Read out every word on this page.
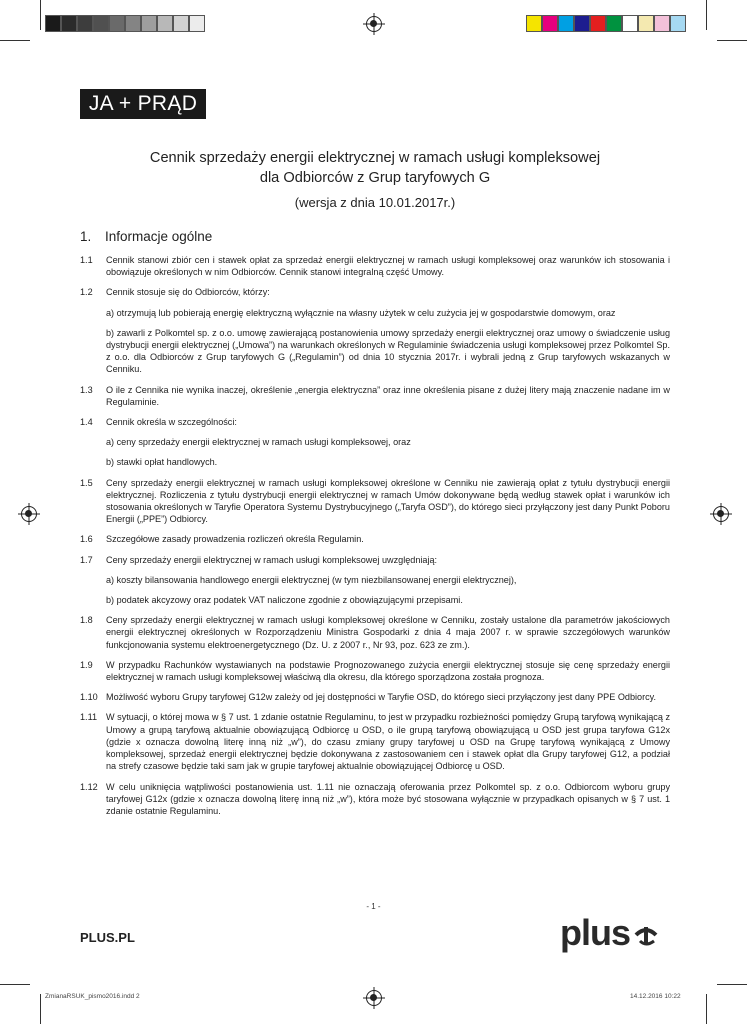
JA + PRĄD
Cennik sprzedaży energii elektrycznej w ramach usługi kompleksowej
dla Odbiorców z Grup taryfowych G
(wersja z dnia 10.01.2017r.)
1. Informacje ogólne
1.1	Cennik stanowi zbiór cen i stawek opłat za sprzedaż energii elektrycznej w ramach usługi kompleksowej oraz warunków ich stosowania i obowiązuje określonych w nim Odbiorców. Cennik stanowi integralną część Umowy.
1.2	Cennik stosuje się do Odbiorców, którzy:
a) otrzymują lub pobierają energię elektryczną wyłącznie na własny użytek w celu zużycia jej w gospodarstwie domowym, oraz
b) zawarli z Polkomtel sp. z o.o. umowę zawierającą postanowienia umowy sprzedaży energii elektrycznej oraz umowy o świadczenie usług dystrybucji energii elektrycznej („Umowa”) na warunkach określonych w Regulaminie świadczenia usługi kompleksowej przez Polkomtel Sp. z o.o. dla Odbiorców z Grup taryfowych G („Regulamin”) od dnia 10 stycznia 2017r. i wybrali jedną z Grup taryfowych wskazanych w Cenniku.
1.3	O ile z Cennika nie wynika inaczej, określenie „energia elektryczna” oraz inne określenia pisane z dużej litery mają znaczenie nadane im w Regulaminie.
1.4	Cennik określa w szczególności:
a) ceny sprzedaży energii elektrycznej w ramach usługi kompleksowej, oraz
b) stawki opłat handlowych.
1.5	Ceny sprzedaży energii elektrycznej w ramach usługi kompleksowej określone w Cenniku nie zawierają opłat z tytułu dystrybucji energii elektrycznej. Rozliczenia z tytułu dystrybucji energii elektrycznej w ramach Umów dokonywane będą według stawek opłat i warunków ich stosowania określonych w Taryfie Operatora Systemu Dystrybucyjnego („Taryfa OSD”), do którego sieci przyłączony jest dany Punkt Poboru Energii („PPE”) Odbiorcy.
1.6	Szczegółowe zasady prowadzenia rozliczeń określa Regulamin.
1.7	Ceny sprzedaży energii elektrycznej w ramach usługi kompleksowej uwzględniają:
a) koszty bilansowania handlowego energii elektrycznej (w tym niezbilansowanej energii elektrycznej),
b) podatek akcyzowy oraz podatek VAT naliczone zgodnie z obowiązującymi przepisami.
1.8	Ceny sprzedaży energii elektrycznej w ramach usługi kompleksowej określone w Cenniku, zostały ustalone dla parametrów jakościowych energii elektrycznej określonych w Rozporządzeniu Ministra Gospodarki z dnia 4 maja 2007 r. w sprawie szczegółowych warunków funkcjonowania systemu elektroenergetycznego (Dz. U. z 2007 r., Nr 93, poz. 623 ze zm.).
1.9	W przypadku Rachunków wystawianych na podstawie Prognozowanego zużycia energii elektrycznej stosuje się cenę sprzedaży energii elektrycznej w ramach usługi kompleksowej właściwą dla okresu, dla którego sporządzona została prognoza.
1.10 Możliwość wyboru Grupy taryfowej G12w zależy od jej dostępności w Taryfie OSD, do którego sieci przyłączony jest dany PPE Odbiorcy.
1.11 W sytuacji, o której mowa w § 7 ust. 1 zdanie ostatnie Regulaminu, to jest w przypadku rozbieżności pomiędzy Grupą taryfową wynikającą z Umowy a grupą taryfową aktualnie obowiązującą Odbiorcę u OSD, o ile grupą taryfową obowiązującą u OSD jest grupa taryfowa G12x (gdzie x oznacza dowolną literę inną niż „w”), do czasu zmiany grupy taryfowej u OSD na Grupę taryfową wynikającą z Umowy kompleksowej, sprzedaż energii elektrycznej będzie dokonywana z zastosowaniem cen i stawek opłat dla Grupy taryfowej G12, a podział na strefy czasowe będzie taki sam jak w grupie taryfowej aktualnie obowiązującej Odbiorcę u OSD.
1.12 W celu uniknięcia wątpliwości postanowienia ust. 1.11 nie oznaczają oferowania przez Polkomtel sp. z o.o. Odbiorcom wyboru grupy taryfowej G12x (gdzie x oznacza dowolną literę inną niż „w”), która może być stosowana wyłącznie w przypadkach opisanych w § 7 ust. 1 zdanie ostatnie Regulaminu.
- 1 -
PLUS.PL	plus
ZmianaRSUK_pismo2016.indd 2	14.12.2016 10:22
